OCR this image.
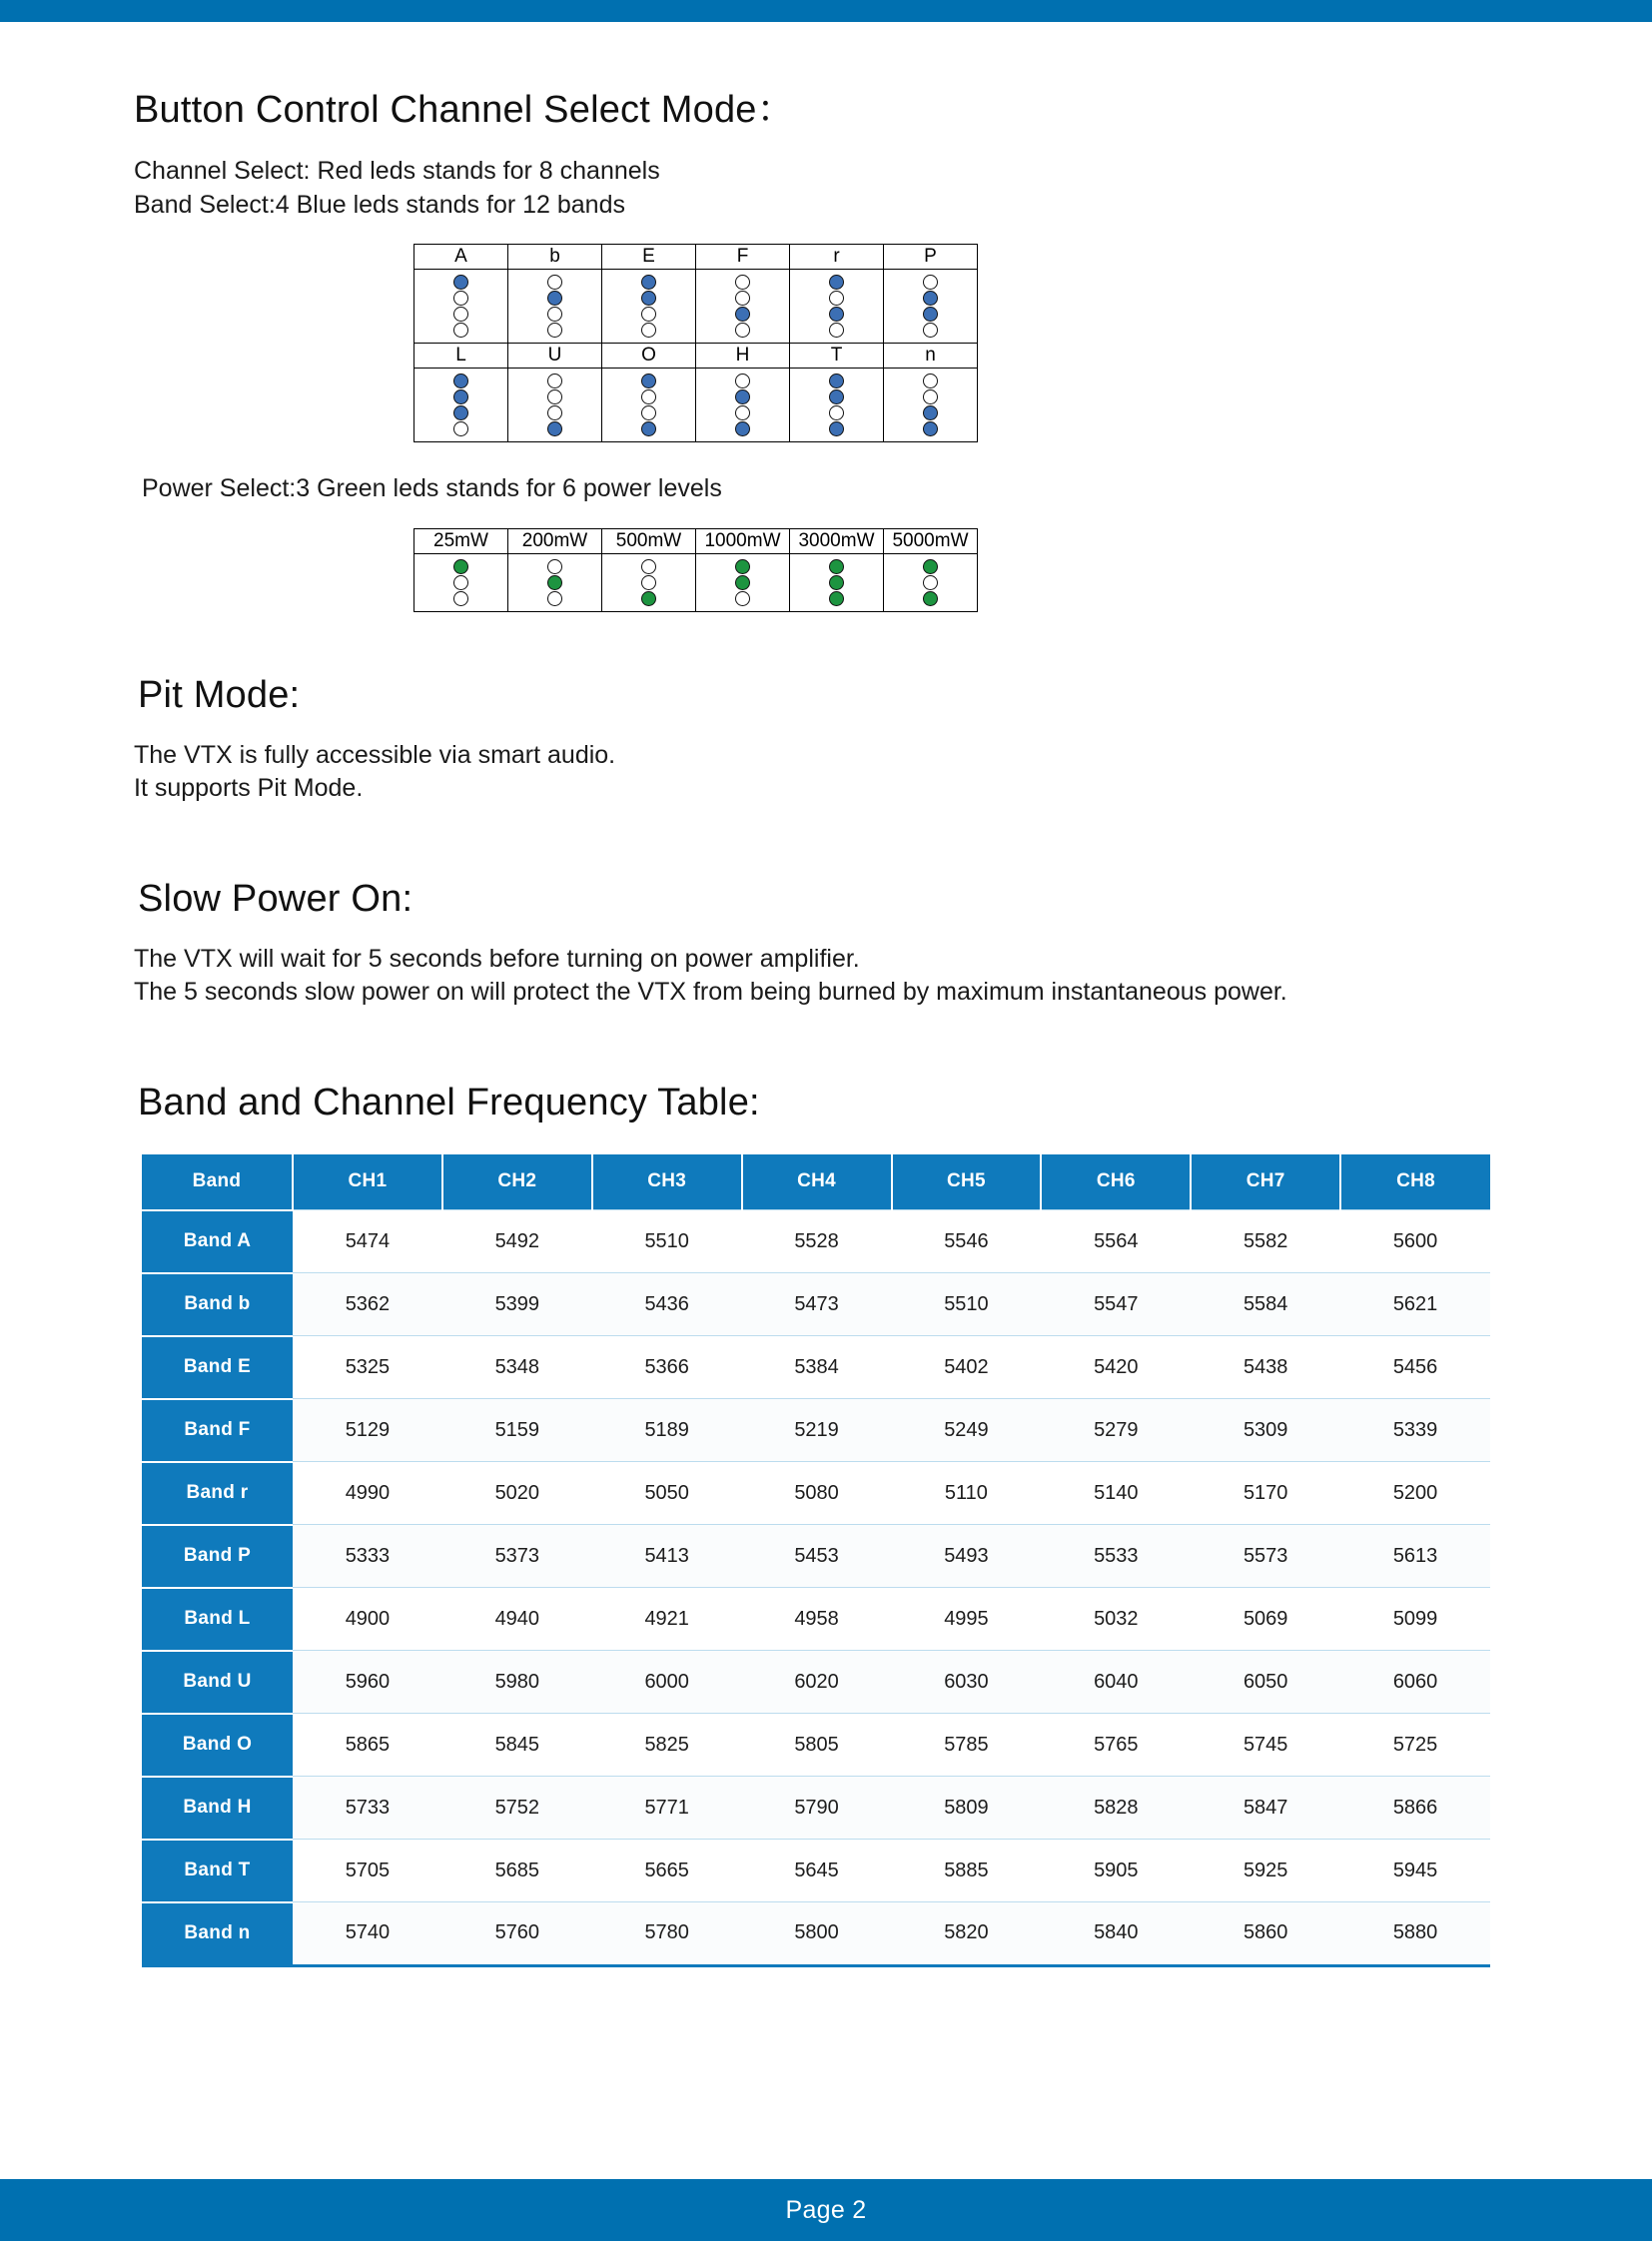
Button Control Channel Select Mode：

Channel Select: Red leds stands for 8 channels

Band Select:4 Blue leds stands for 12 bands

A	b	E	F	r	P

L	U	O	H	T	n

Power Select:3 Green leds stands for 6 power levels

25mW	200mW	500mW	1000mW	3000mW	5000mW

Pit Mode:

The VTX is fully accessible via smart audio.

It supports Pit Mode.

Slow Power On:

The VTX will wait for 5 seconds before turning on power amplifier.

The 5 seconds slow power on will protect the VTX from being burned by maximum instantaneous power.

Band and Channel Frequency Table:
Band	CH1	CH2	CH3	CH4	CH5	CH6	CH7	CH8
Band A	5474	5492	5510	5528	5546	5564	5582	5600
Band b	5362	5399	5436	5473	5510	5547	5584	5621
Band E	5325	5348	5366	5384	5402	5420	5438	5456
Band F	5129	5159	5189	5219	5249	5279	5309	5339
Band r	4990	5020	5050	5080	5110	5140	5170	5200
Band P	5333	5373	5413	5453	5493	5533	5573	5613
Band L	4900	4940	4921	4958	4995	5032	5069	5099
Band U	5960	5980	6000	6020	6030	6040	6050	6060
Band O	5865	5845	5825	5805	5785	5765	5745	5725
Band H	5733	5752	5771	5790	5809	5828	5847	5866
Band T	5705	5685	5665	5645	5885	5905	5925	5945
Band n	5740	5760	5780	5800	5820	5840	5860	5880
Page 2
